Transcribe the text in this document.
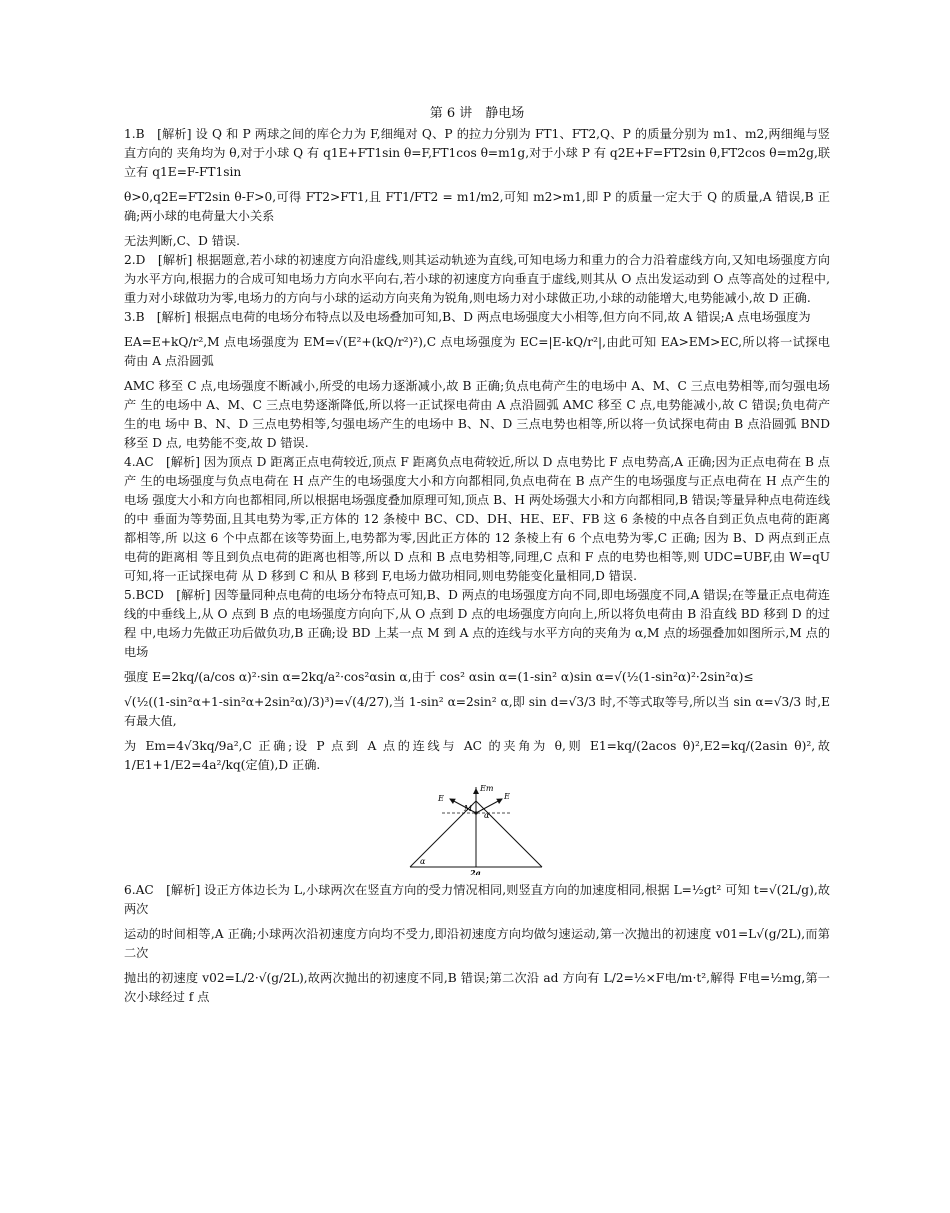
第 6 讲　静电场

1.B　[解析] 设 Q 和 P 两球之间的库仑力为 F,细绳对 Q、P 的拉力分别为 FT1、FT2,Q、P 的质量分别为 m1、m2,两细绳与竖直方向的 夹角均为 θ,对于小球 Q 有 q1E+FT1sin θ=F,FT1cos θ=m1g,对于小球 P 有 q2E+F=FT2sin θ,FT2cos θ=m2g,联立有 q1E=F-FT1sin
θ>0,q2E=FT2sin θ-F>0,可得 FT2>FT1,且 FT1/FT2 = m1/m2,可知 m2>m1,即 P 的质量一定大于 Q 的质量,A 错误,B 正确;两小球的电荷量大小关系
无法判断,C、D 错误.

2.D　[解析] 根据题意,若小球的初速度方向沿虚线,则其运动轨迹为直线,可知电场力和重力的合力沿着虚线方向,又知电场强度方向 为水平方向,根据力的合成可知电场力方向水平向右,若小球的初速度方向垂直于虚线,则其从 O 点出发运动到 O 点等高处的过程中, 重力对小球做功为零,电场力的方向与小球的运动方向夹角为锐角,则电场力对小球做正功,小球的动能增大,电势能减小,故 D 正确.

3.B　[解析] 根据点电荷的电场分布特点以及电场叠加可知,B、D 两点电场强度大小相等,但方向不同,故 A 错误;A 点电场强度为
EA=E+kQ/r²,M 点电场强度为 EM=√(E²+(kQ/r²)²),C 点电场强度为 EC=|E-kQ/r²|,由此可知 EA>EM>EC,所以将一试探电荷由 A 点沿圆弧
AMC 移至 C 点,电场强度不断减小,所受的电场力逐渐减小,故 B 正确;负点电荷产生的电场中 A、M、C 三点电势相等,而匀强电场产 生的电场中 A、M、C 三点电势逐渐降低,所以将一正试探电荷由 A 点沿圆弧 AMC 移至 C 点,电势能减小,故 C 错误;负电荷产生的电 场中 B、N、D 三点电势相等,匀强电场产生的电场中 B、N、D 三点电势也相等,所以将一负试探电荷由 B 点沿圆弧 BND 移至 D 点, 电势能不变,故 D 错误.

4.AC　[解析] 因为顶点 D 距离正点电荷较近,顶点 F 距离负点电荷较近,所以 D 点电势比 F 点电势高,A 正确;因为正点电荷在 B 点产 生的电场强度与负点电荷在 H 点产生的电场强度大小和方向都相同,负点电荷在 B 点产生的电场强度与正点电荷在 H 点产生的电场 强度大小和方向也都相同,所以根据电场强度叠加原理可知,顶点 B、H 两处场强大小和方向都相同,B 错误;等量异种点电荷连线的中 垂面为等势面,且其电势为零,正方体的 12 条棱中 BC、CD、DH、HE、EF、FB 这 6 条棱的中点各自到正负点电荷的距离都相等,所 以这 6 个中点都在该等势面上,电势都为零,因此正方体的 12 条棱上有 6 个点电势为零,C 正确; 因为 B、D 两点到正点电荷的距离相 等且到负点电荷的距离也相等,所以 D 点和 B 点电势相等,同理,C 点和 F 点的电势也相等,则 UDC=UBF,由 W=qU 可知,将一正试探电荷 从 D 移到 C 和从 B 移到 F,电场力做功相同,则电势能变化量相同,D 错误.

5.BCD　[解析] 因等量同种点电荷的电场分布特点可知,B、D 两点的电场强度方向不同,即电场强度不同,A 错误;在等量正点电荷连 线的中垂线上,从 O 点到 B 点的电场强度方向向下,从 O 点到 D 点的电场强度方向向上,所以将负电荷由 B 沿直线 BD 移到 D 的过程 中,电场力先做正功后做负功,B 正确;设 BD 上某一点 M 到 A 点的连线与水平方向的夹角为 α,M 点的场强叠加如图所示,M 点的电场
强度 E=2kq/(a/cos α)²·sin α=2kq/a²·cos²αsin α,由于 cos² αsin α=(1-sin² α)sin α=√(½(1-sin²α)²·2sin²α)≤
√(½((1-sin²α+1-sin²α+2sin²α)/3)³)=√(4/27),当 1-sin² α=2sin² α,即 sin d=√3/3 时,不等式取等号,所以当 sin α=√3/3 时,E 有最大值,
为 Em=4√3kq/9a²,C 正确;设 P 点到 A 点的连线与 AC 的夹角为 θ,则 E1=kq/(2acos θ)²,E2=kq/(2asin θ)²,故 1/E1+1/E2=4a²/kq(定值),D 正确.

Em
E	E
M
α
α
2a

6.AC　[解析] 设正方体边长为 L,小球两次在竖直方向的受力情况相同,则竖直方向的加速度相同,根据 L=½gt² 可知 t=√(2L/g),故两次
运动的时间相等,A 正确;小球两次沿初速度方向均不受力,即沿初速度方向均做匀速运动,第一次抛出的初速度 v01=L√(g/2L),而第二次
抛出的初速度 v02=L/2·√(g/2L),故两次抛出的初速度不同,B 错误;第二次沿 ad 方向有 L/2=½×F电/m·t²,解得 F电=½mg,第一次小球经过 f 点
